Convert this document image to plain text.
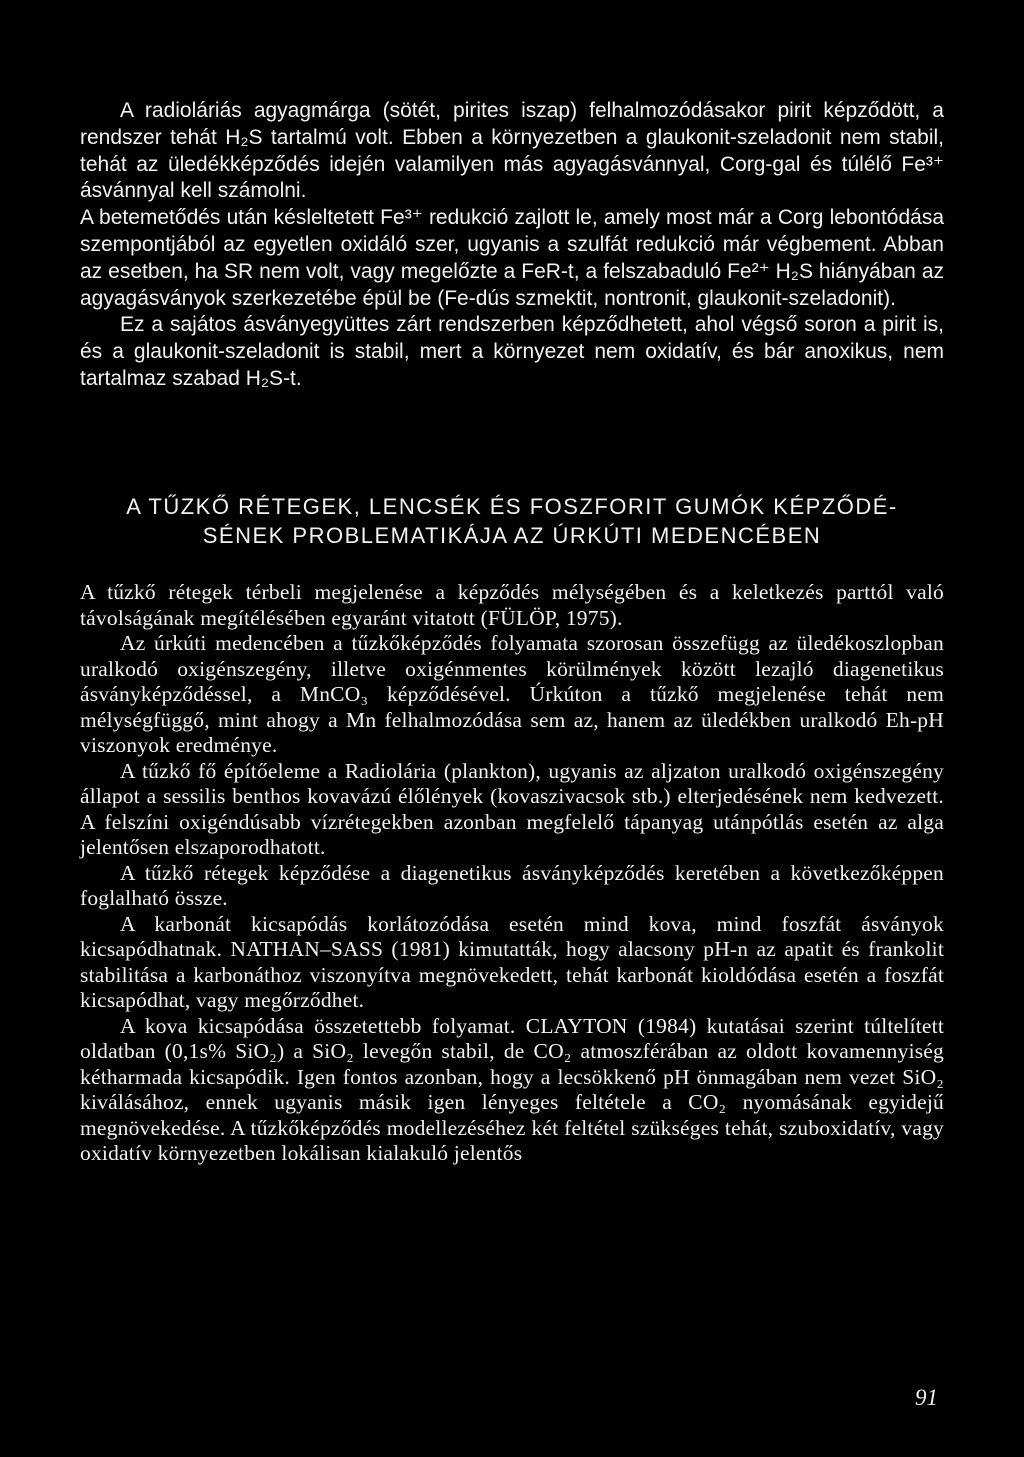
A radioláriás agyagmárga (sötét, pirites iszap) felhalmozódásakor pirit képződött, a rendszer tehát H₂S tartalmú volt. Ebben a környezetben a glaukonit-szeladonit nem stabil, tehát az üledékképződés idején valamilyen más agyagásvánnyal, Corg-gal és túlélő Fe³⁺ ásvánnyal kell számolni.

A betemetődés után késleltetett Fe³⁺ redukció zajlott le, amely most már a Corg lebontódása szempontjából az egyetlen oxidáló szer, ugyanis a szulfát redukció már végbement. Abban az esetben, ha SR nem volt, vagy megelőzte a FeR-t, a felszabaduló Fe²⁺ H₂S hiányában az agyagásványok szerkezetébe épül be (Fe-dús szmektit, nontronit, glaukonit-szeladonit).

Ez a sajátos ásványegyüttes zárt rendszerben képződhetett, ahol végső soron a pirit is, és a glaukonit-szeladonit is stabil, mert a környezet nem oxidatív, és bár anoxikus, nem tartalmaz szabad H₂S-t.

A TŰZKŐ RÉTEGEK, LENCSÉK ÉS FOSZFORIT GUMÓK KÉPZŐDÉ-
SÉNEK PROBLEMATIKÁJA AZ ÚRKÚTI MEDENCÉBEN

A tűzkő rétegek térbeli megjelenése a képződés mélységében és a keletkezés parttól való távolságának megítélésében egyaránt vitatott (FÜLÖP, 1975).

Az úrkúti medencében a tűzkőképződés folyamata szorosan összefügg az üledékoszlopban uralkodó oxigénszegény, illetve oxigénmentes körülmények között lezajló diagenetikus ásványképződéssel, a MnCO₃ képződésével. Úrkúton a tűzkő megjelenése tehát nem mélységfüggő, mint ahogy a Mn felhalmozódása sem az, hanem az üledékben uralkodó Eh-pH viszonyok eredménye.

A tűzkő fő építőeleme a Radiolária (plankton), ugyanis az aljzaton uralkodó oxigénszegény állapot a sessilis benthos kovavázú élőlények (kovaszivacsok stb.) elterjedésének nem kedvezett. A felszíni oxigéndúsabb vízrétegekben azonban megfelelő tápanyag utánpótlás esetén az alga jelentősen elszaporodhatott.

A tűzkő rétegek képződése a diagenetikus ásványképződés keretében a következőképpen foglalható össze.

A karbonát kicsapódás korlátozódása esetén mind kova, mind foszfát ásványok kicsapódhatnak. NATHAN–SASS (1981) kimutatták, hogy alacsony pH-n az apatit és frankolit stabilitása a karbonáthoz viszonyítva megnövekedett, tehát karbonát kioldódása esetén a foszfát kicsapódhat, vagy megőrződhet.

A kova kicsapódása összetettebb folyamat. CLAYTON (1984) kutatásai szerint túltelített oldatban (0,1s% SiO₂) a SiO₂ levegőn stabil, de CO₂ atmoszférában az oldott kovamennyiség kétharmada kicsapódik. Igen fontos azonban, hogy a lecsökkenő pH önmagában nem vezet SiO₂ kiválásához, ennek ugyanis másik igen lényeges feltétele a CO₂ nyomásának egyidejű megnövekedése. A tűzkőképződés modellezéséhez két feltétel szükséges tehát, szuboxidatív, vagy oxidatív környezetben lokálisan kialakuló jelentős

91
